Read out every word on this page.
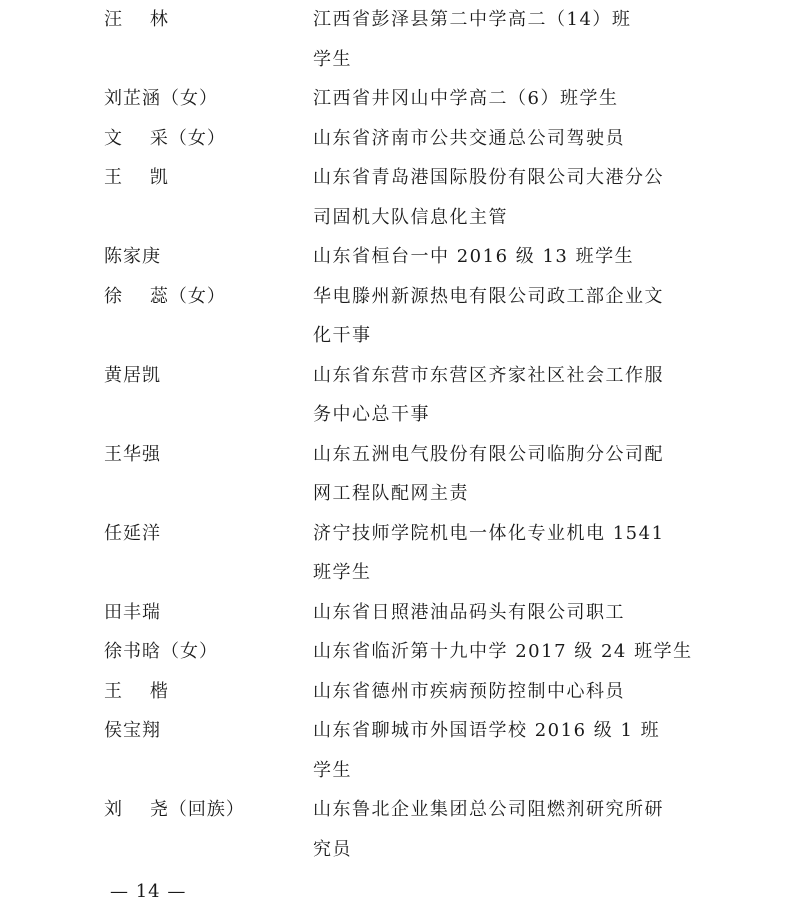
汪    林	江西省彭泽县第二中学高二（14）班
学生
刘芷涵（女）	江西省井冈山中学高二（6）班学生
文    采（女）	山东省济南市公共交通总公司驾驶员
王    凯	山东省青岛港国际股份有限公司大港分公
司固机大队信息化主管
陈家庚	山东省桓台一中 2016 级 13 班学生
徐    蕊（女）	华电滕州新源热电有限公司政工部企业文
化干事
黄居凯	山东省东营市东营区齐家社区社会工作服
务中心总干事
王华强	山东五洲电气股份有限公司临朐分公司配
网工程队配网主责
任延洋	济宁技师学院机电一体化专业机电 1541
班学生
田丰瑞	山东省日照港油品码头有限公司职工
徐书晗（女）	山东省临沂第十九中学 2017 级 24 班学生
王    楷	山东省德州市疾病预防控制中心科员
侯宝翔	山东省聊城市外国语学校 2016 级 1 班
学生
刘    尧（回族）	山东鲁北企业集团总公司阻燃剂研究所研
究员
— 14 —
